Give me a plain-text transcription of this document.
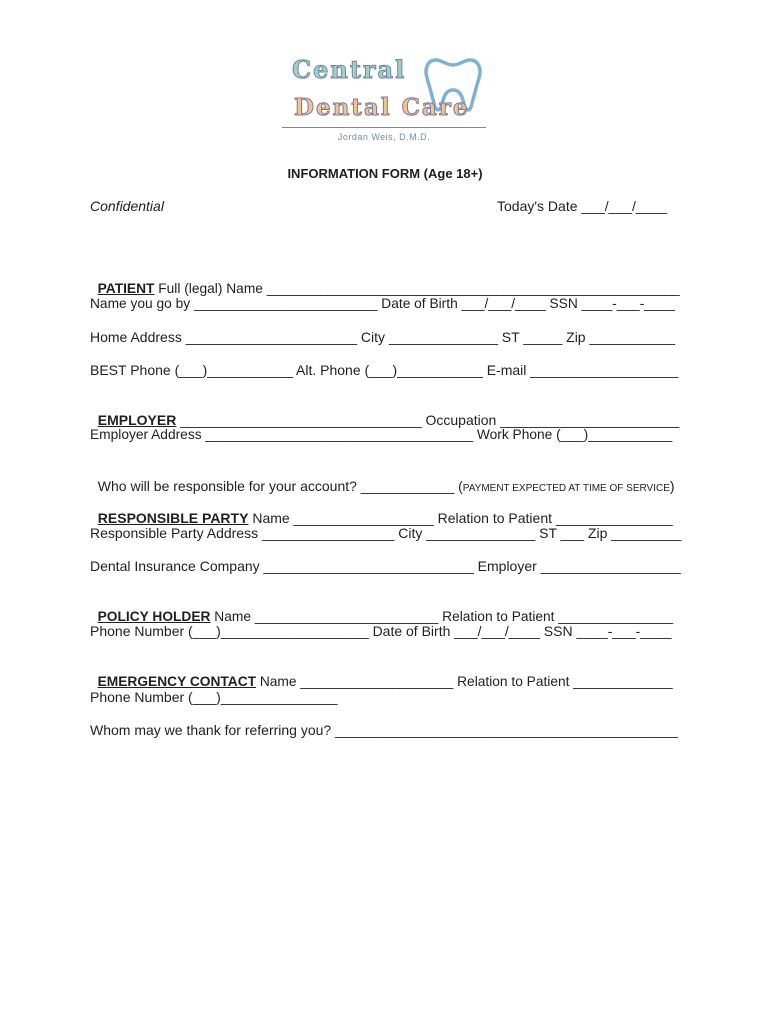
Central
Dental Care
Jordan Weis, D.M.D.
INFORMATION FORM (Age 18+)
Confidential	Today's Date ___/___/____

PATIENT Full (legal) Name ______________________________________________________

Name you go by ________________________ Date of Birth ___/___/____ SSN ____-___-____
Home Address ______________________ City ______________ ST _____ Zip ___________
BEST Phone (___)___________ Alt. Phone (___)___________ E-mail ___________________

EMPLOYER _______________________________ Occupation _______________________

Employer Address ___________________________________ Work Phone (___)___________

Who will be responsible for your account? ____________ (PAYMENT EXPECTED AT TIME OF SERVICE)

RESPONSIBLE PARTY Name __________________ Relation to Patient _______________

Responsible Party Address _________________ City ______________ ST ___ Zip _________
Dental Insurance Company ___________________________ Employer __________________

POLICY HOLDER Name ________________________ Relation to Patient _______________

Phone Number (___)___________________ Date of Birth ___/___/____ SSN ____-___-____

EMERGENCY CONTACT Name ____________________ Relation to Patient _____________

Phone Number (___)_______________
Whom may we thank for referring you? ____________________________________________
